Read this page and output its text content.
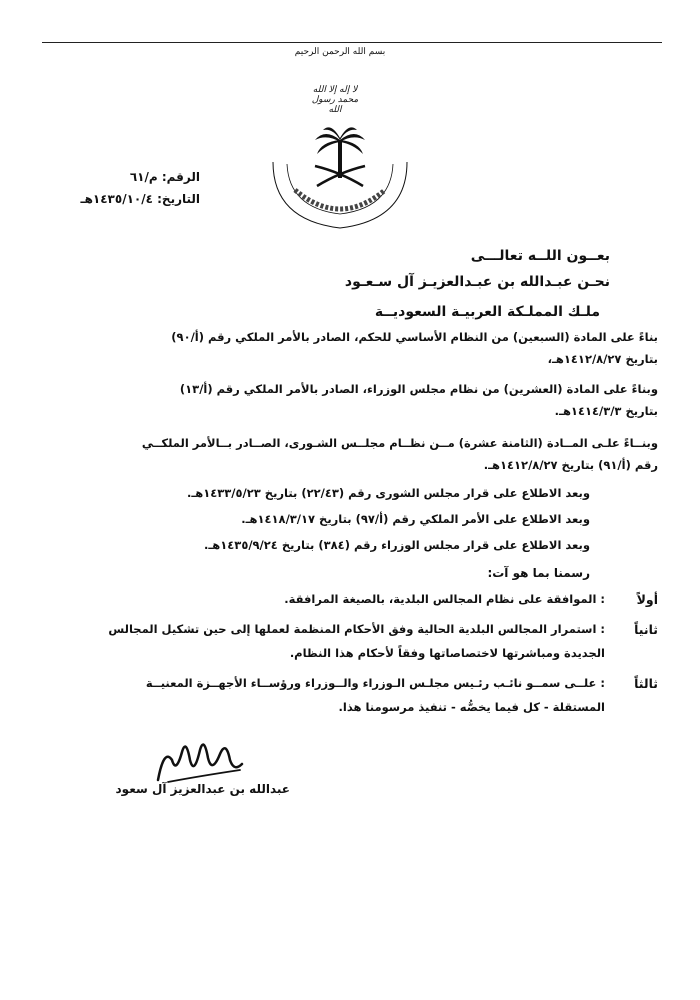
بسم الله الرحمن الرحيم
لا إله إلا الله محمد رسول الله
الرقم: م/٦١
التاريخ: ١٤٣٥/١٠/٤هـ
بعــون اللــه تعالـــى
نحـن عبـدالله بن عبـدالعزيـز آل سـعـود
ملـك المملـكة العربيـة السعوديــة
بناءً على المادة (السبعين) من النظام الأساسي للحكم، الصادر بالأمر الملكي رقم (أ/٩٠)
بتاريخ ١٤١٢/٨/٢٧هـ،
وبناءً على المادة (العشرين) من نظام مجلس الوزراء، الصادر بالأمر الملكي رقم (أ/١٣)
بتاريخ ١٤١٤/٣/٣هـ.
وبنــاءً علـى المــادة (الثامنة عشرة) مــن نظــام مجلــس الشـورى، الصــادر بــالأمر الملكــي
رقم (أ/٩١) بتاريخ ١٤١٢/٨/٢٧هـ.
وبعد الاطلاع على قرار مجلس الشورى رقم (٢٢/٤٣) بتاريخ ١٤٣٣/٥/٢٣هـ.
وبعد الاطلاع على الأمر الملكي رقم (أ/٩٧) بتاريخ ١٤١٨/٣/١٧هـ.
وبعد الاطلاع على قرار مجلس الوزراء رقم (٣٨٤) بتاريخ ١٤٣٥/٩/٢٤هـ.
رسمنا بما هو آت:
أولاً
: الموافقة على نظام المجالس البلدية، بالصيغة المرافقة.
ثانياً
: استمرار المجالس البلدية الحالية وفق الأحكام المنظمة لعملها إلى حين تشكيل المجالس
الجديدة ومباشرتها لاختصاصاتها وفقاً لأحكام هذا النظام.
ثالثاً
: علــى سمــو نائـب رئـيس مجلـس الـوزراء والــوزراء ورؤســاء الأجهــزة المعنيــة
المستقلة - كل فيما يخصُّه - تنفيذ مرسومنا هذا.
عبدالله بن عبدالعزيز آل سعود
